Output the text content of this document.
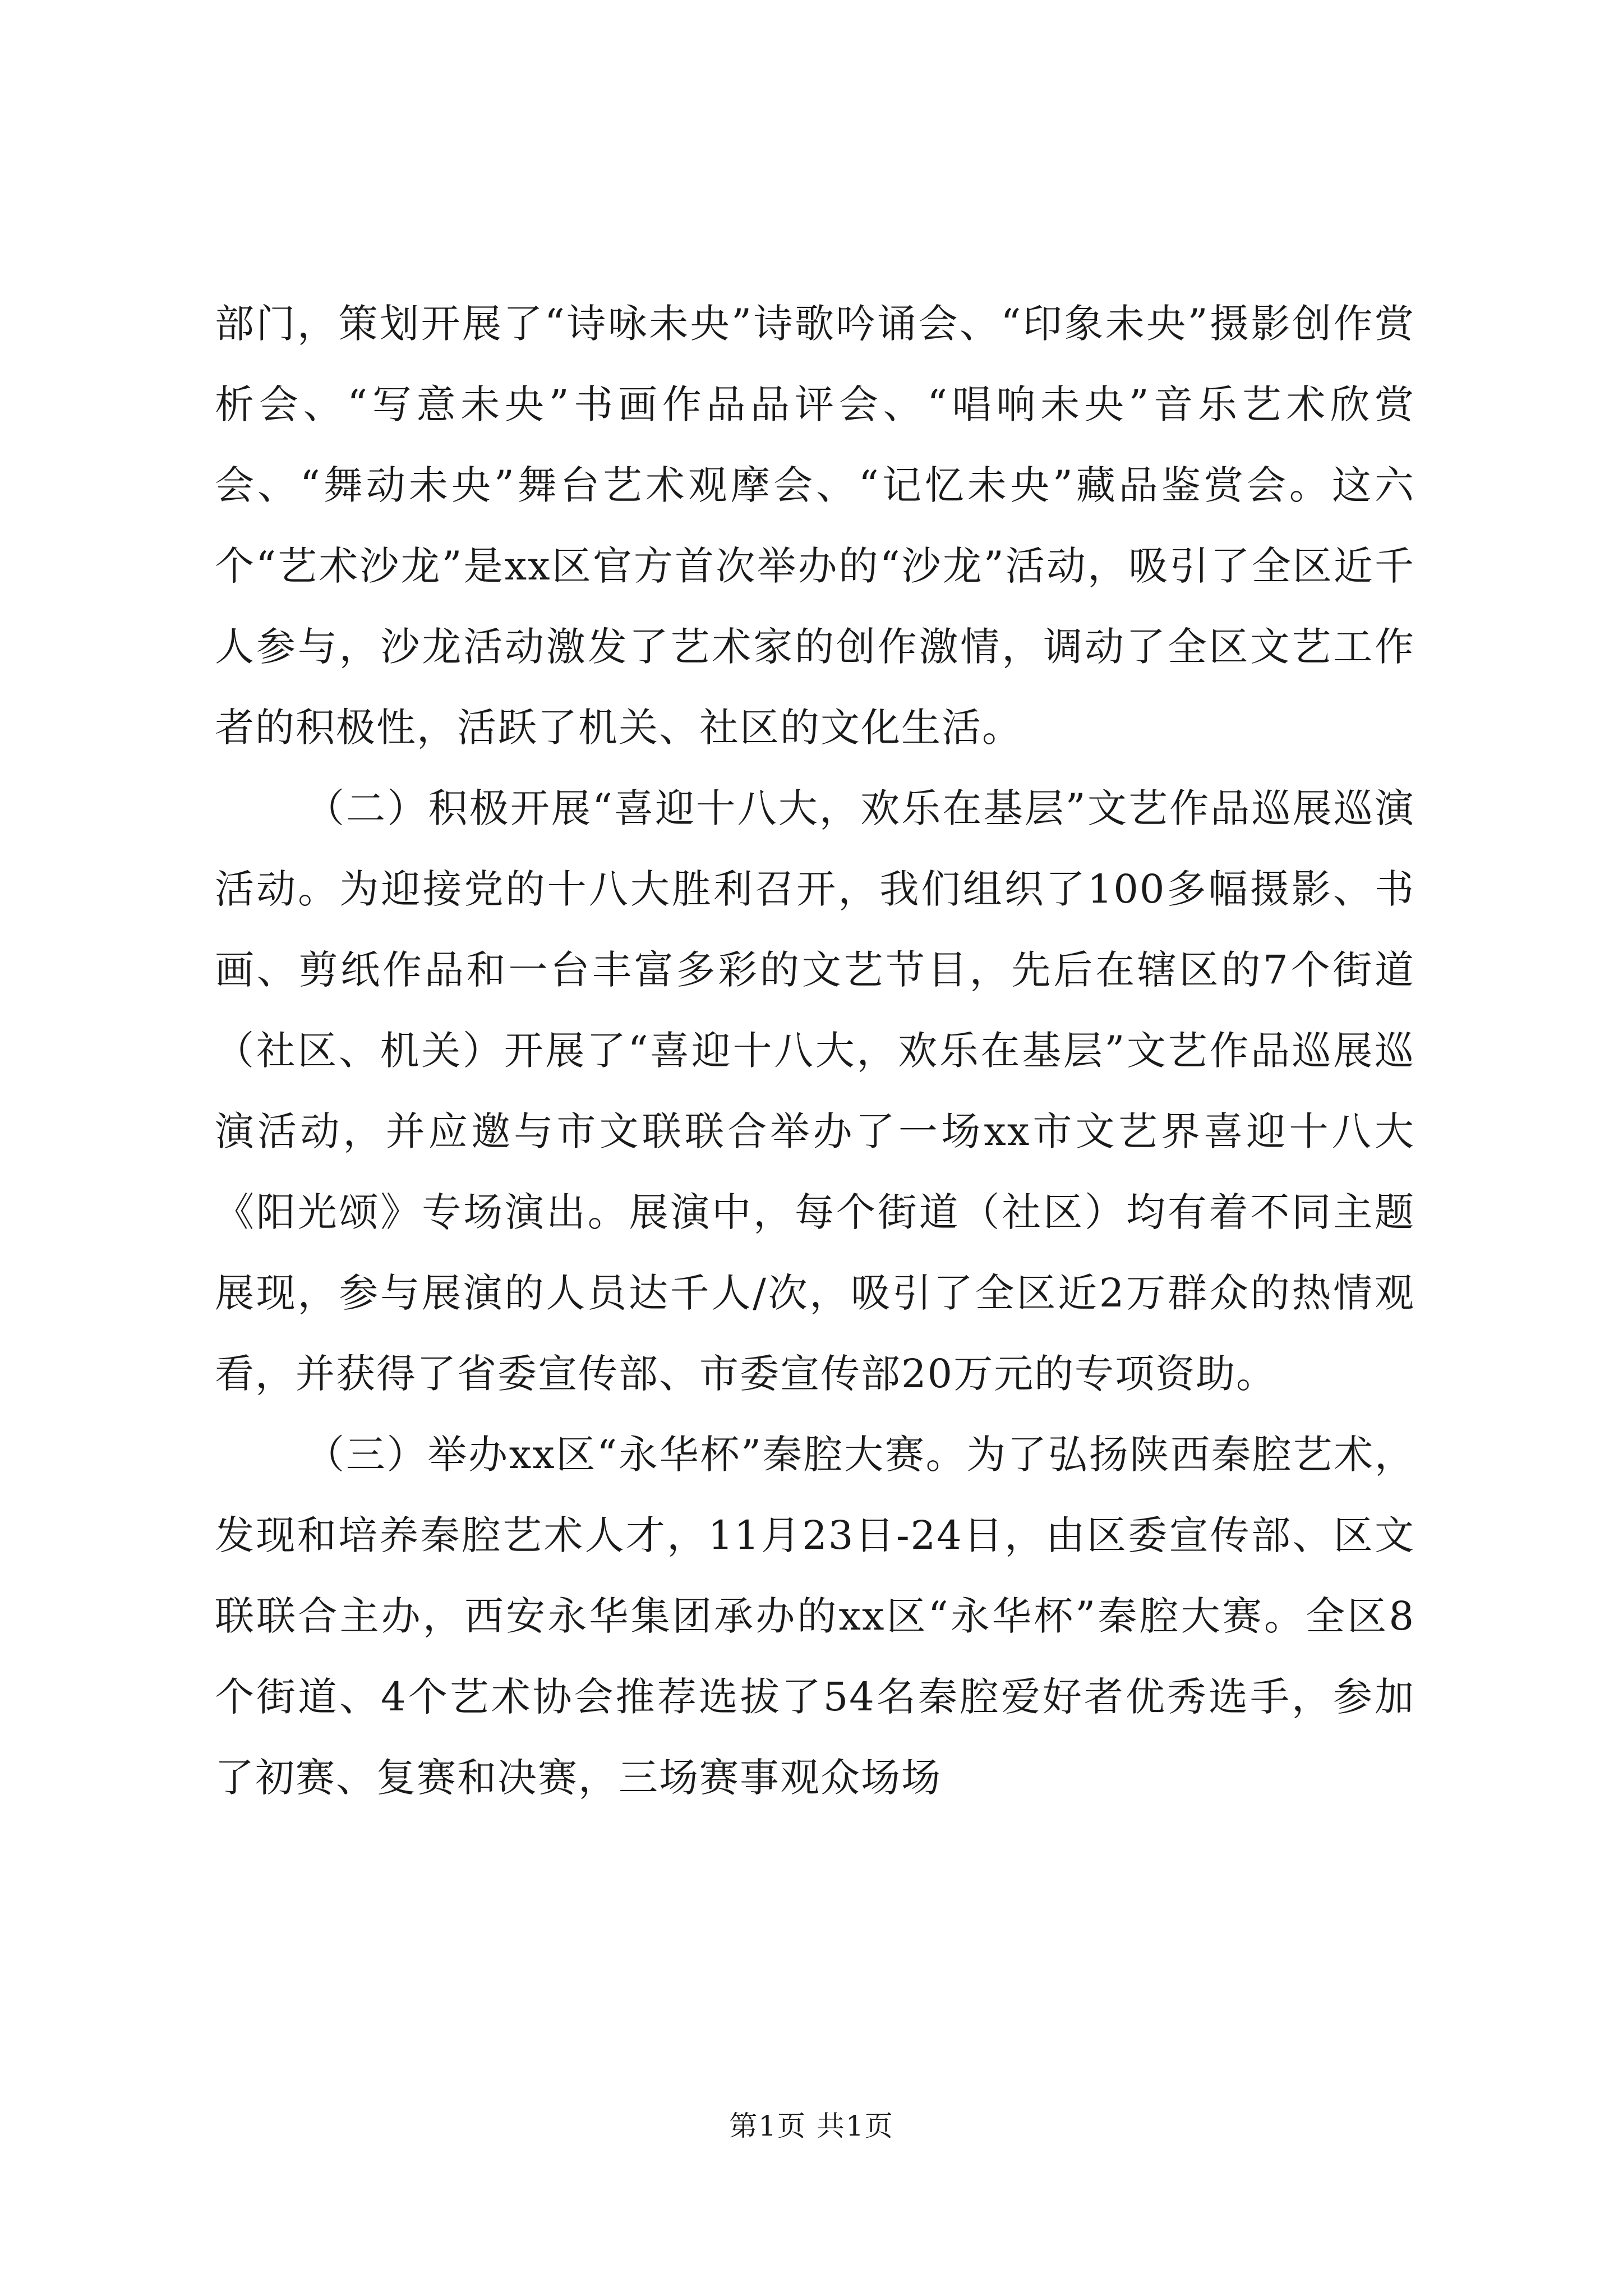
部门，策划开展了“诗咏未央”诗歌吟诵会、“印象未央”摄影创作赏析会、“写意未央”书画作品品评会、“唱响未央”音乐艺术欣赏会、“舞动未央”舞台艺术观摩会、“记忆未央”藏品鉴赏会。这六个“艺术沙龙”是xx区官方首次举办的“沙龙”活动，吸引了全区近千人参与，沙龙活动激发了艺术家的创作激情，调动了全区文艺工作者的积极性，活跃了机关、社区的文化生活。

（二）积极开展“喜迎十八大，欢乐在基层”文艺作品巡展巡演活动。为迎接党的十八大胜利召开，我们组织了100多幅摄影、书画、剪纸作品和一台丰富多彩的文艺节目，先后在辖区的7个街道（社区、机关）开展了“喜迎十八大，欢乐在基层”文艺作品巡展巡演活动，并应邀与市文联联合举办了一场xx市文艺界喜迎十八大《阳光颂》专场演出。展演中，每个街道（社区）均有着不同主题展现，参与展演的人员达千人/次，吸引了全区近2万群众的热情观看，并获得了省委宣传部、市委宣传部20万元的专项资助。

（三）举办xx区“永华杯”秦腔大赛。为了弘扬陕西秦腔艺术，发现和培养秦腔艺术人才，11月23日-24日，由区委宣传部、区文联联合主办，西安永华集团承办的xx区“永华杯”秦腔大赛。全区8个街道、4个艺术协会推荐选拔了54名秦腔爱好者优秀选手，参加了初赛、复赛和决赛，三场赛事观众场场

第1页 共1页
